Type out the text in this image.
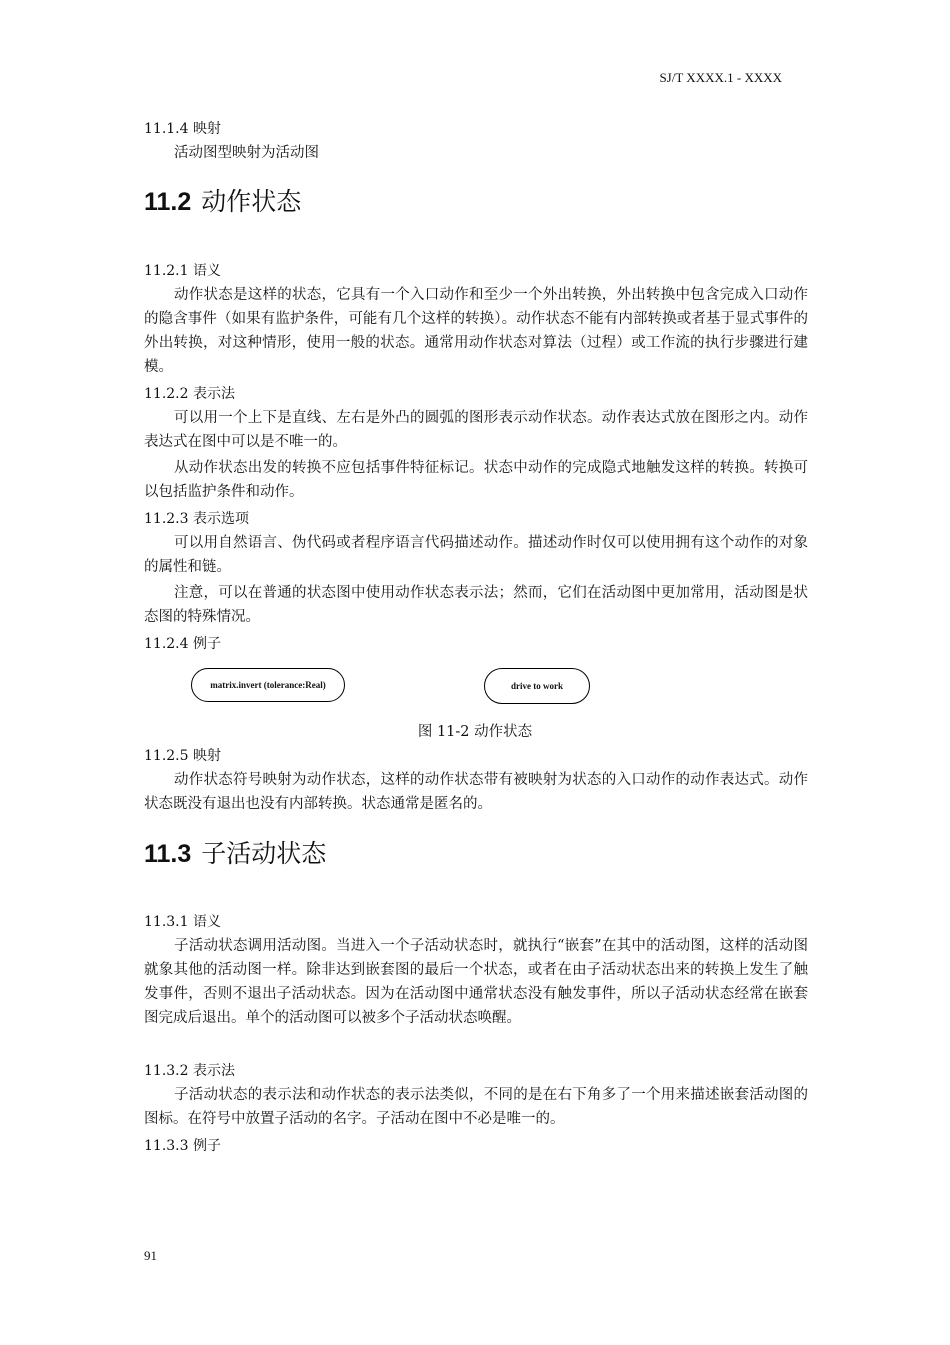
SJ/T XXXX.1 - XXXX
11.1.4 映射

活动图型映射为活动图

11.2 动作状态
11.2.1 语义

动作状态是这样的状态，它具有一个入口动作和至少一个外出转换，外出转换中包含完成入口动作的隐含事件（如果有监护条件，可能有几个这样的转换）。动作状态不能有内部转换或者基于显式事件的外出转换，对这种情形，使用一般的状态。通常用动作状态对算法（过程）或工作流的执行步骤进行建模。

11.2.2 表示法

可以用一个上下是直线、左右是外凸的圆弧的图形表示动作状态。动作表达式放在图形之内。动作表达式在图中可以是不唯一的。

从动作状态出发的转换不应包括事件特征标记。状态中动作的完成隐式地触发这样的转换。转换可以包括监护条件和动作。

11.2.3 表示选项

可以用自然语言、伪代码或者程序语言代码描述动作。描述动作时仅可以使用拥有这个动作的对象的属性和链。

注意，可以在普通的状态图中使用动作状态表示法；然而，它们在活动图中更加常用，活动图是状态图的特殊情况。

11.2.4 例子
matrix.invert (tolerance:Real)	drive to work
图 11-2 动作状态
11.2.5 映射

动作状态符号映射为动作状态，这样的动作状态带有被映射为状态的入口动作的动作表达式。动作状态既没有退出也没有内部转换。状态通常是匿名的。

11.3 子活动状态
11.3.1 语义

子活动状态调用活动图。当进入一个子活动状态时，就执行“嵌套”在其中的活动图，这样的活动图就象其他的活动图一样。除非达到嵌套图的最后一个状态，或者在由子活动状态出来的转换上发生了触发事件，否则不退出子活动状态。因为在活动图中通常状态没有触发事件，所以子活动状态经常在嵌套图完成后退出。单个的活动图可以被多个子活动状态唤醒。

11.3.2 表示法

子活动状态的表示法和动作状态的表示法类似，不同的是在右下角多了一个用来描述嵌套活动图的图标。在符号中放置子活动的名字。子活动在图中不必是唯一的。

11.3.3 例子
91
